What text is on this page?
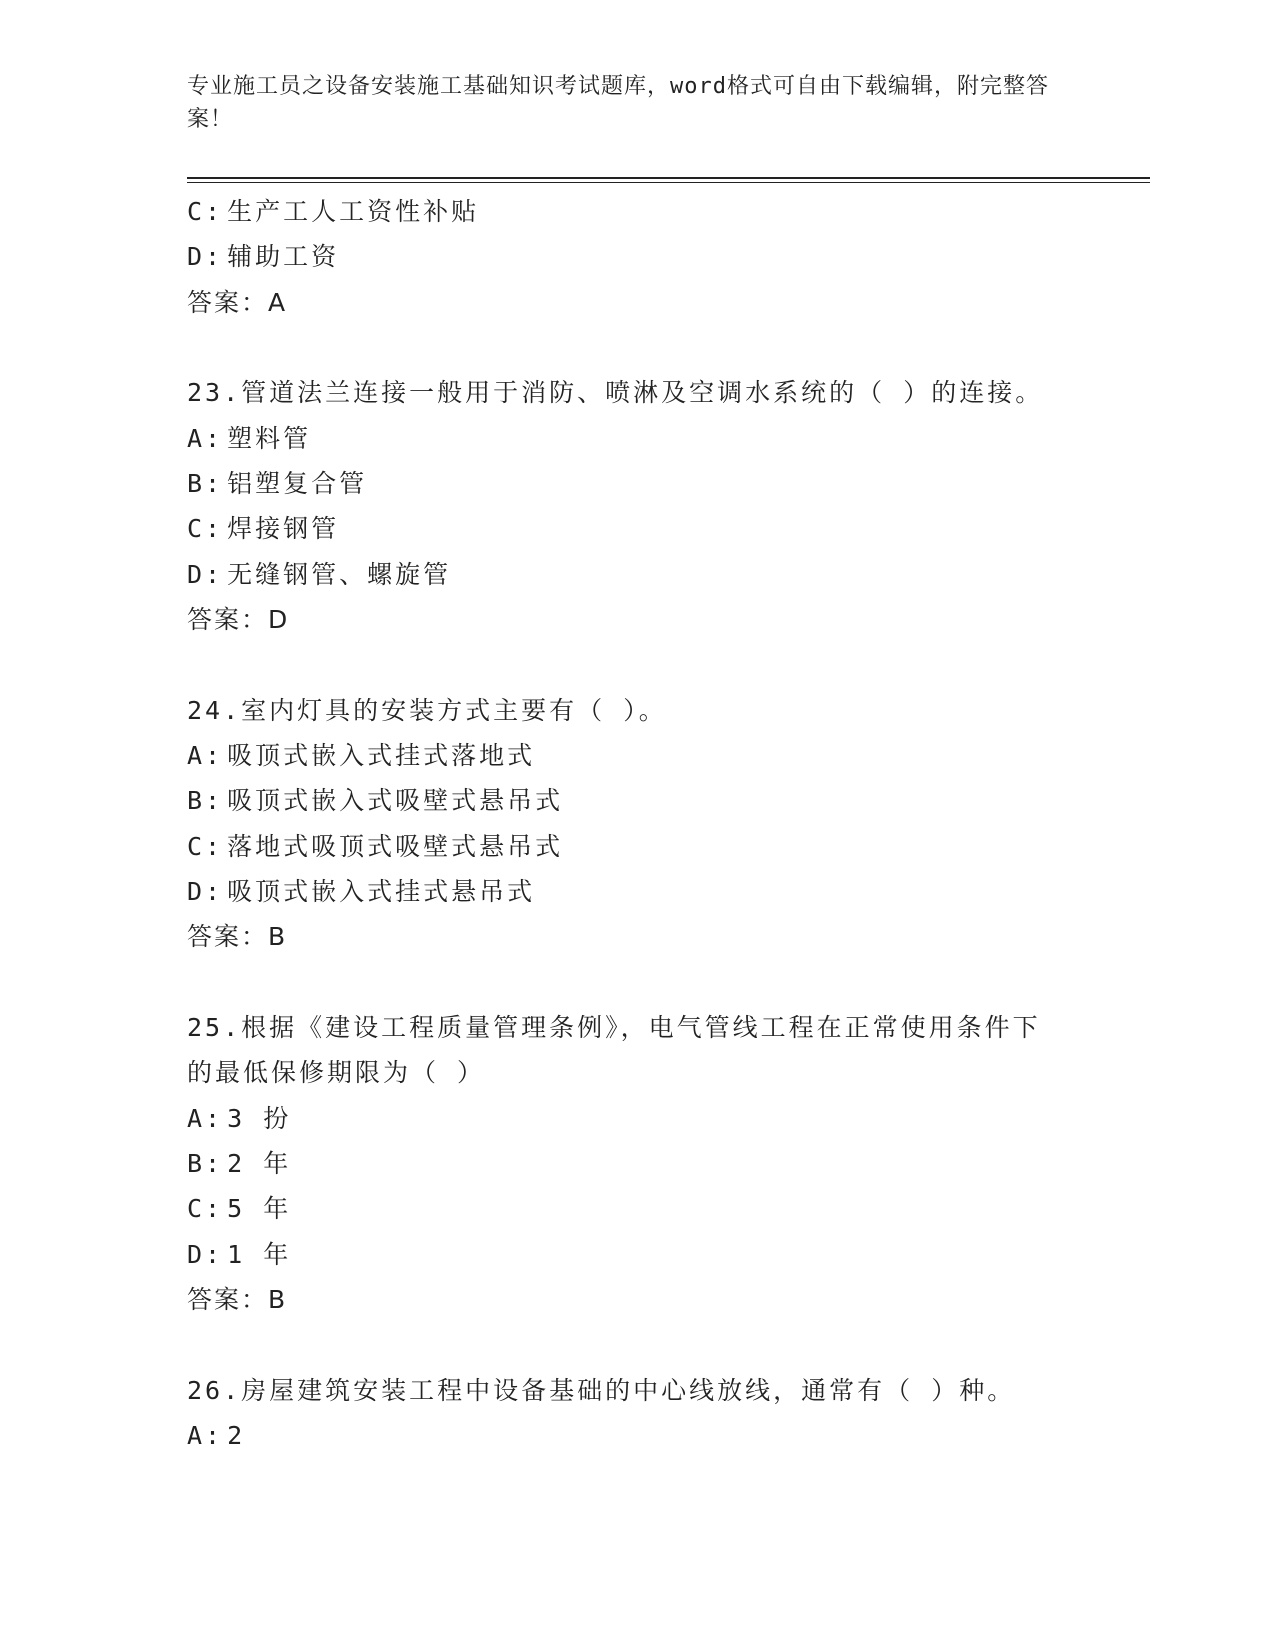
专业施工员之设备安装施工基础知识考试题库，word格式可自由下载编辑，附完整答案！
C: 生产工人工资性补贴
D: 辅助工资
答案：A
23.管道法兰连接一般用于消防、喷淋及空调水系统的（ ）的连接。
A: 塑料管
B: 铝塑复合管
C: 焊接钢管
D: 无缝钢管、螺旋管
答案：D
24.室内灯具的安装方式主要有（ ）。
A: 吸顶式嵌入式挂式落地式
B: 吸顶式嵌入式吸壁式悬吊式
C: 落地式吸顶式吸壁式悬吊式
D: 吸顶式嵌入式挂式悬吊式
答案：B
25.根据《建设工程质量管理条例》，电气管线工程在正常使用条件下
的最低保修期限为（ ）
A: 3 扮
B: 2 年
C: 5 年
D: 1 年
答案：B
26.房屋建筑安装工程中设备基础的中心线放线，通常有（ ）种。
A: 2
